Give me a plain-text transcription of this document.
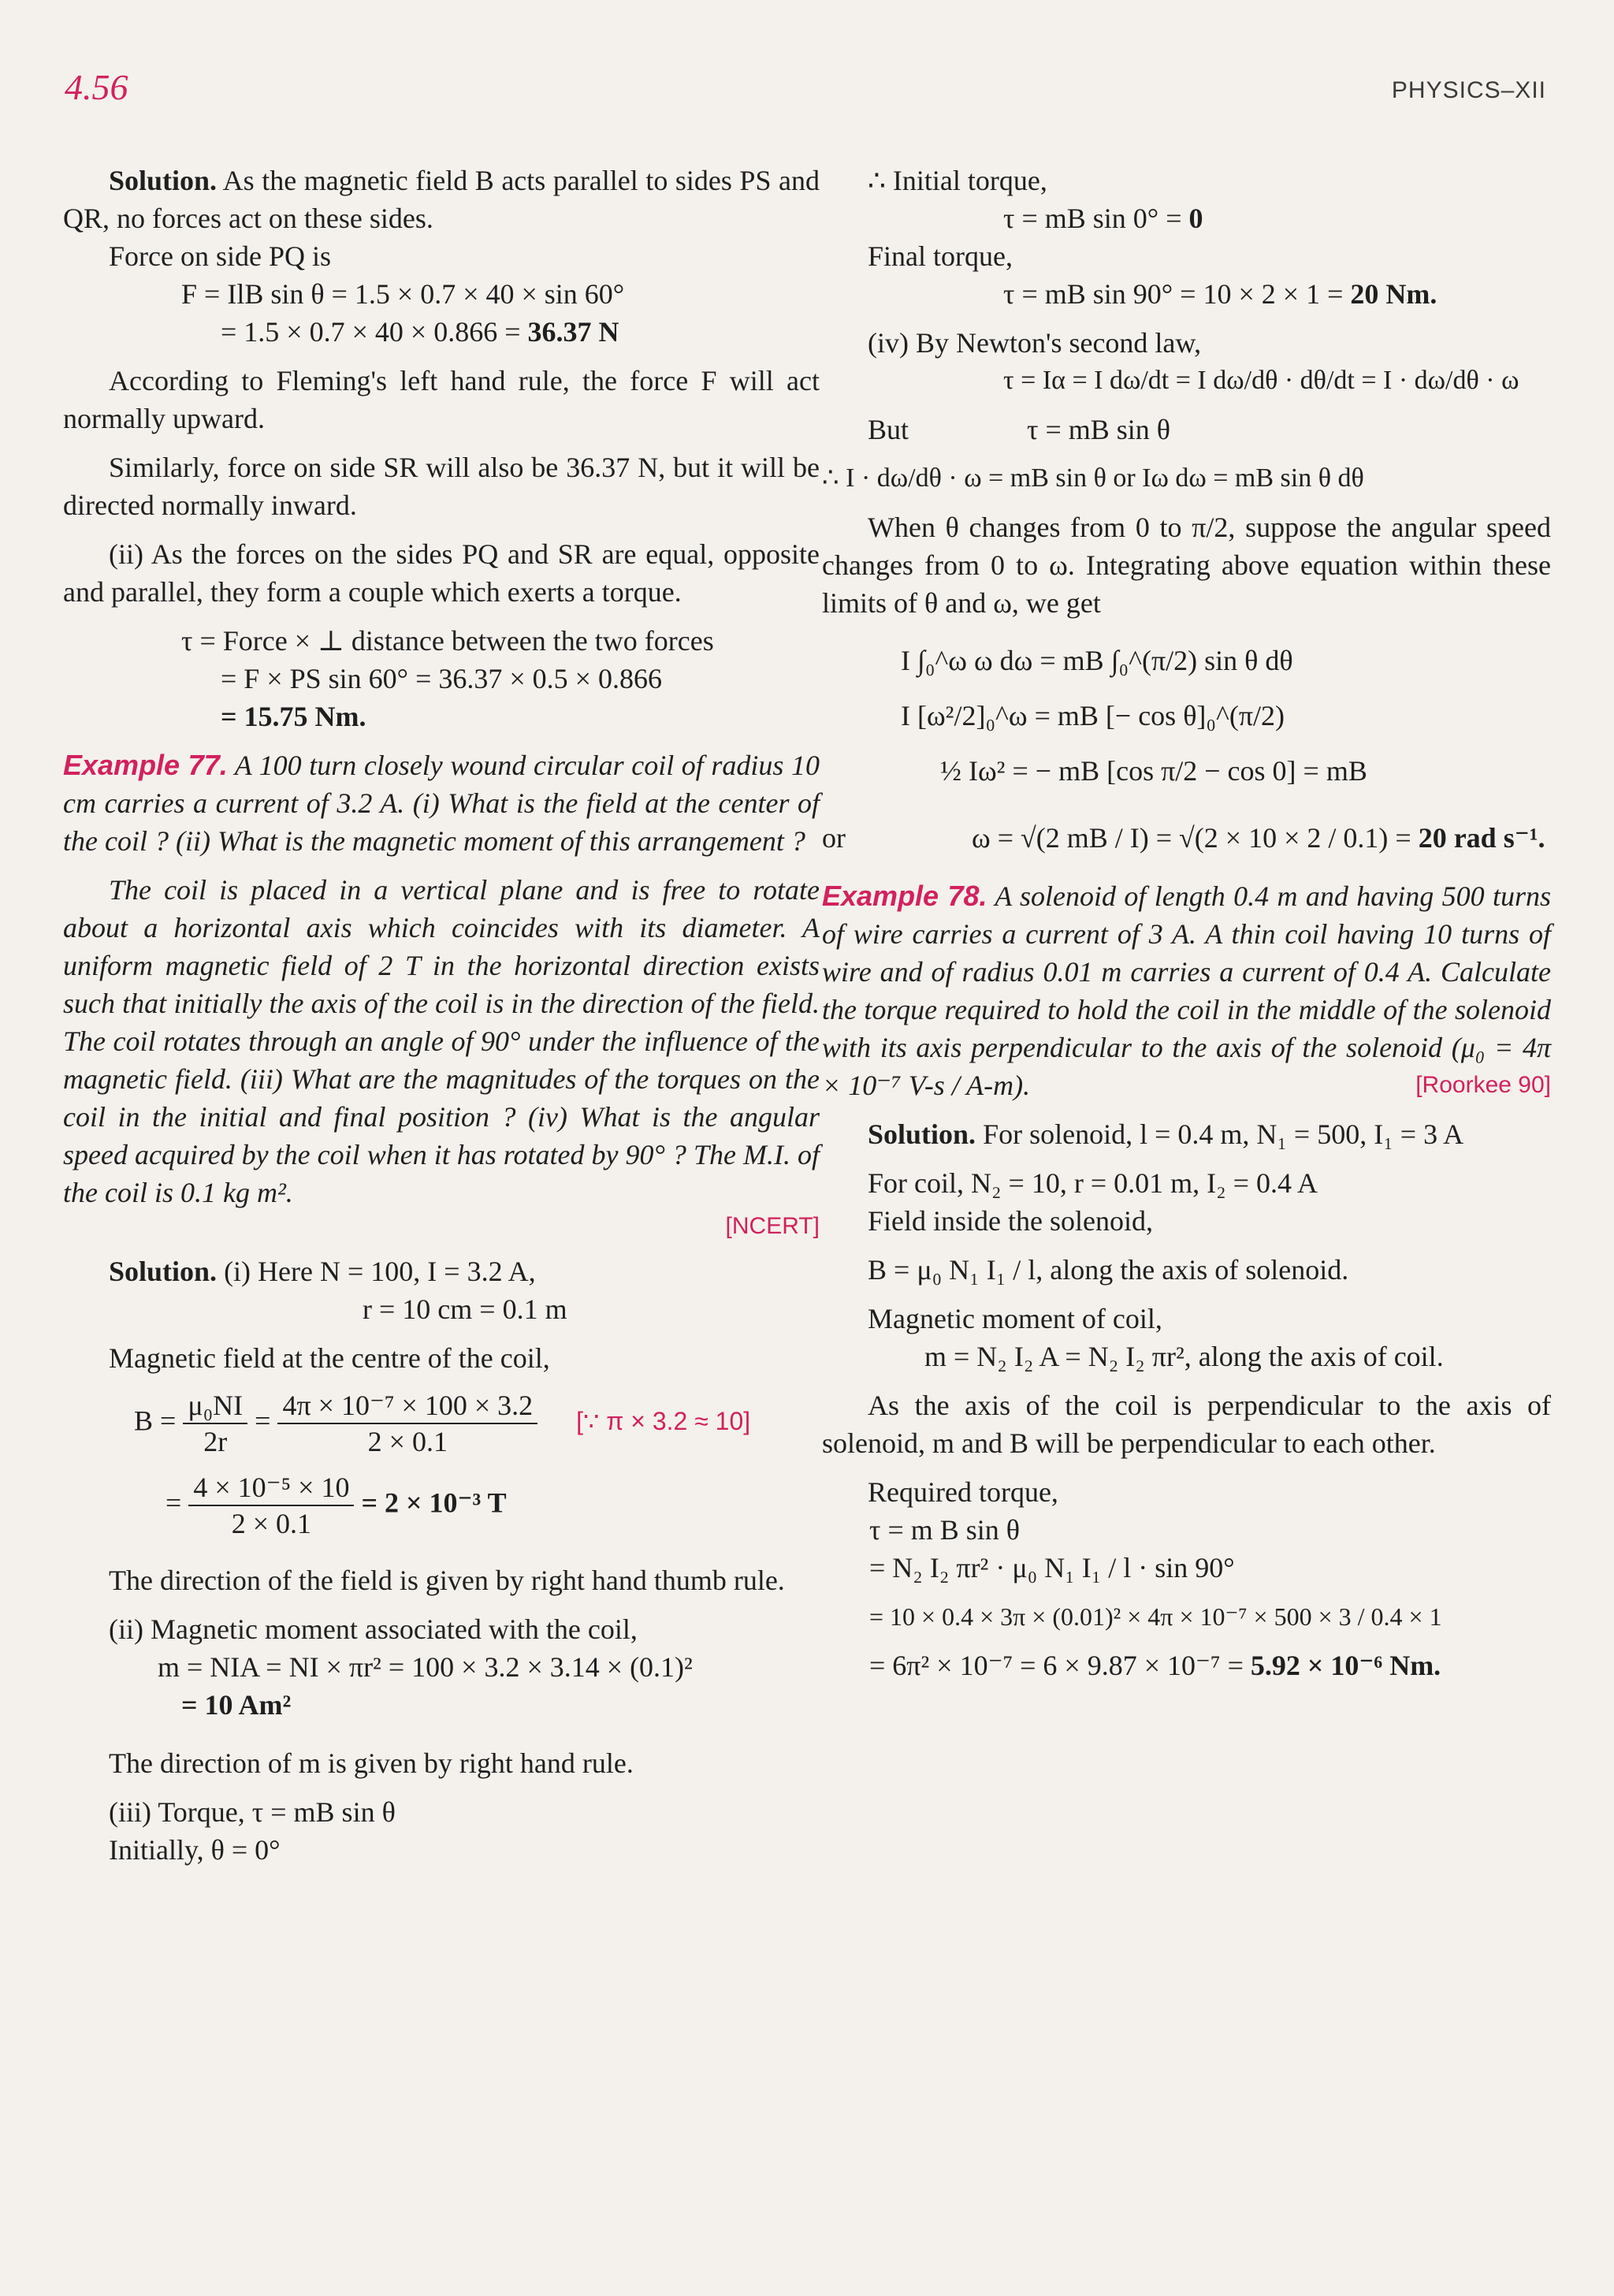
4.56	PHYSICS–XII

Solution. As the magnetic field B acts parallel to sides PS and QR, no forces act on these sides.

Force on side PQ is

F = IlB sin θ = 1.5 × 0.7 × 40 × sin 60°

= 1.5 × 0.7 × 40 × 0.866 = 36.37 N

According to Fleming's left hand rule, the force F will act normally upward.

Similarly, force on side SR will also be 36.37 N, but it will be directed normally inward.

(ii) As the forces on the sides PQ and SR are equal, opposite and parallel, they form a couple which exerts a torque.

τ = Force × ⊥ distance between the two forces

= F × PS sin 60° = 36.37 × 0.5 × 0.866

= 15.75 Nm.

Example 77. A 100 turn closely wound circular coil of radius 10 cm carries a current of 3.2 A. (i) What is the field at the center of the coil ? (ii) What is the magnetic moment of this arrangement ?

The coil is placed in a vertical plane and is free to rotate about a horizontal axis which coincides with its diameter. A uniform magnetic field of 2 T in the horizontal direction exists such that initially the axis of the coil is in the direction of the field. The coil rotates through an angle of 90° under the influence of the magnetic field. (iii) What are the magnitudes of the torques on the coil in the initial and final position ? (iv) What is the angular speed acquired by the coil when it has rotated by 90° ? The M.I. of the coil is 0.1 kg m².

[NCERT]

Solution. (i) Here N = 100, I = 3.2 A,

r = 10 cm = 0.1 m

Magnetic field at the centre of the coil,

$B = \frac{\text{μ₀NI}}{2r} = \frac{\text{4π × 10⁻⁷ × 100 × 3.2}}{2 \times 0.1}$ [∵ π × 3.2 ≈ 10]

= $\frac{\text{4 × 10⁻⁵ × 10}}{2 \times 0.1} = 2 \times 10^{-3}$ T

The direction of the field is given by right hand thumb rule.

(ii) Magnetic moment associated with the coil,

m = NIA = NI × πr² = 100 × 3.2 × 3.14 × (0.1)²

= 10 Am²

The direction of m is given by right hand rule.

(iii) Torque, τ = mB sin θ

Initially, θ = 0°

∴ Initial torque,

τ = mB sin 0° = 0

Final torque,

τ = mB sin 90° = 10 × 2 × 1 = 20 Nm.

(iv) By Newton's second law,

τ = Iα = I dω/dt = I dω/dθ · dθ/dt = I · dω/dθ · ω

But	τ = mB sin θ

∴ I · dω/dθ · ω = mB sin θ or Iω dω = mB sin θ dθ

When θ changes from 0 to π/2, suppose the angular speed changes from 0 to ω. Integrating above equation within these limits of θ and ω, we get

I ∫₀^ω ω dω = mB ∫₀^(π/2) sin θ dθ

I [ω²/2]₀^ω = mB [− cos θ]₀^(π/2)

½ Iω² = − mB [cos π/2 − cos 0] = mB

or	ω = √(2 mB / I) = √(2 × 10 × 2 / 0.1) = 20 rad s⁻¹.

Example 78. A solenoid of length 0.4 m and having 500 turns of wire carries a current of 3 A. A thin coil having 10 turns of wire and of radius 0.01 m carries a current of 0.4 A. Calculate the torque required to hold the coil in the middle of the solenoid with its axis perpendicular to the axis of the solenoid (μ₀ = 4π × 10⁻⁷ V-s / A-m).	[Roorkee 90]

Solution. For solenoid, l = 0.4 m, N₁ = 500, I₁ = 3 A

For coil, N₂ = 10, r = 0.01 m, I₂ = 0.4 A

Field inside the solenoid,

B = μ₀ N₁ I₁ / l, along the axis of solenoid.

Magnetic moment of coil,

m = N₂ I₂ A = N₂ I₂ πr², along the axis of coil.

As the axis of the coil is perpendicular to the axis of solenoid, m and B will be perpendicular to each other.

Required torque,

τ = m B sin θ

= N₂ I₂ πr² · μ₀ N₁ I₁ / l · sin 90°

= 10 × 0.4 × 3π × (0.01)² × 4π × 10⁻⁷ × 500 × 3 / 0.4 × 1

= 6π² × 10⁻⁷ = 6 × 9.87 × 10⁻⁷ = 5.92 × 10⁻⁶ Nm.
